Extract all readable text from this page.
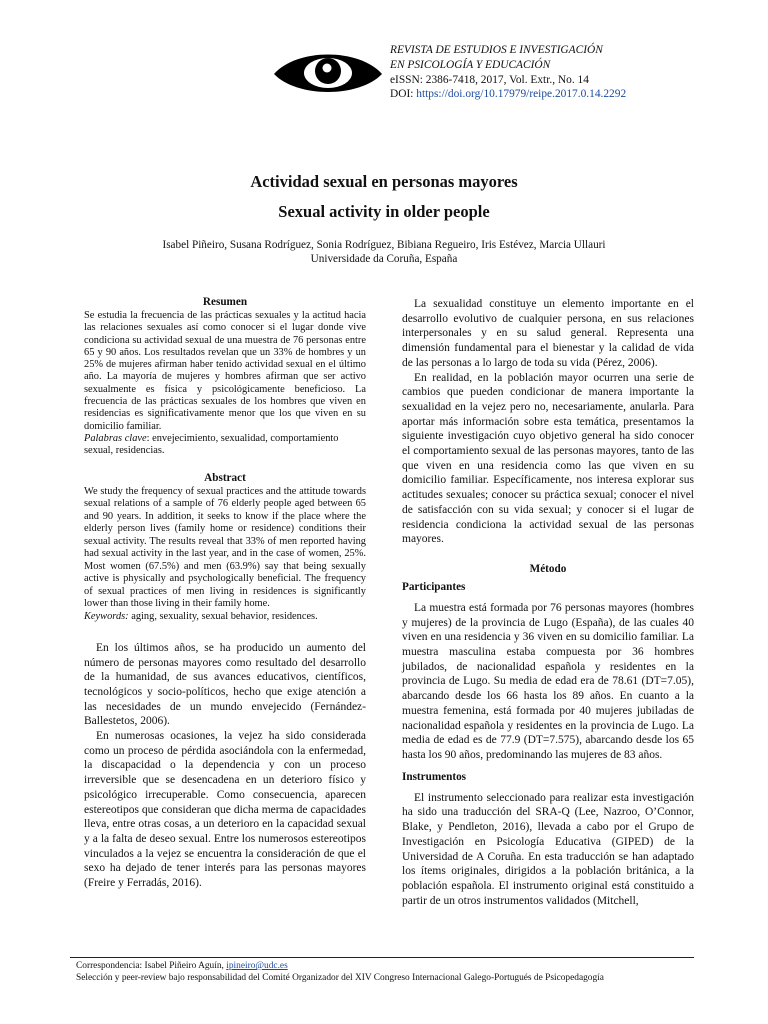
REVISTA DE ESTUDIOS E INVESTIGACIÓN
EN PSICOLOGÍA Y EDUCACIÓN
eISSN: 2386-7418, 2017, Vol. Extr., No. 14
DOI: https://doi.org/10.17979/reipe.2017.0.14.2292
Actividad sexual en personas mayores
Sexual activity in older people
Isabel Piñeiro, Susana Rodríguez, Sonia Rodríguez, Bibiana Regueiro, Iris Estévez, Marcia Ullauri
Universidade da Coruña, España
Resumen

Se estudia la frecuencia de las prácticas sexuales y la actitud hacia las relaciones sexuales así como conocer si el lugar donde vive condiciona su actividad sexual de una muestra de 76 personas entre 65 y 90 años. Los resultados revelan que un 33% de hombres y un 25% de mujeres afirman haber tenido actividad sexual en el último año. La mayoría de mujeres y hombres afirman que ser activo sexualmente es física y psicológicamente beneficioso. La frecuencia de las prácticas sexuales de los hombres que viven en residencias es significativamente menor que los que viven en su domicilio familiar.

Palabras clave: envejecimiento, sexualidad, comportamiento sexual, residencias.

Abstract

We study the frequency of sexual practices and the attitude towards sexual relations of a sample of 76 elderly people aged between 65 and 90 years. In addition, it seeks to know if the place where the elderly person lives (family home or residence) conditions their sexual activity. The results reveal that 33% of men reported having had sexual activity in the last year, and in the case of women, 25%. Most women (67.5%) and men (63.9%) say that being sexually active is physically and psychologically beneficial. The frequency of sexual practices of men living in residences is significantly lower than those living in their family home.

Keywords: aging, sexuality, sexual behavior, residences.

En los últimos años, se ha producido un aumento del número de personas mayores como resultado del desarrollo de la humanidad, de sus avances educativos, científicos, tecnológicos y socio-políticos, hecho que exige atención a las necesidades de un mundo envejecido (Fernández-Ballestetos, 2006).

En numerosas ocasiones, la vejez ha sido considerada como un proceso de pérdida asociándola con la enfermedad, la discapacidad o la dependencia y con un proceso irreversible que se desencadena en un deterioro físico y psicológico irrecuperable. Como consecuencia, aparecen estereotipos que consideran que dicha merma de capacidades lleva, entre otras cosas, a un deterioro en la capacidad sexual y a la falta de deseo sexual. Entre los numerosos estereotipos vinculados a la vejez se encuentra la consideración de que el sexo ha dejado de tener interés para las personas mayores (Freire y Ferradás, 2016).

La sexualidad constituye un elemento importante en el desarrollo evolutivo de cualquier persona, en sus relaciones interpersonales y en su salud general. Representa una dimensión fundamental para el bienestar y la calidad de vida de las personas a lo largo de toda su vida (Pérez, 2006).

En realidad, en la población mayor ocurren una serie de cambios que pueden condicionar de manera importante la sexualidad en la vejez pero no, necesariamente, anularla. Para aportar más información sobre esta temática, presentamos la siguiente investigación cuyo objetivo general ha sido conocer el comportamiento sexual de las personas mayores, tanto de las que viven en una residencia como las que viven en su domicilio familiar. Específicamente, nos interesa explorar sus actitudes sexuales; conocer su práctica sexual; conocer el nivel de satisfacción con su vida sexual; y conocer si el lugar de residencia condiciona la actividad sexual de las personas mayores.

Método
Participantes

La muestra está formada por 76 personas mayores (hombres y mujeres) de la provincia de Lugo (España), de las cuales 40 viven en una residencia y 36 viven en su domicilio familiar. La muestra masculina estaba compuesta por 36 hombres jubilados, de nacionalidad española y residentes en la provincia de Lugo. Su media de edad era de 78.61 (DT=7.05), abarcando desde los 66 hasta los 89 años. En cuanto a la muestra femenina, está formada por 40 mujeres jubiladas de nacionalidad española y residentes en la provincia de Lugo. La media de edad es de 77.9 (DT=7.575), abarcando desde los 65 hasta los 90 años, predominando las mujeres de 83 años.

Instrumentos

El instrumento seleccionado para realizar esta investigación ha sido una traducción del SRA-Q (Lee, Nazroo, O’Connor, Blake, y Pendleton, 2016), llevada a cabo por el Grupo de Investigación en Psicología Educativa (GIPED) de la Universidad de A Coruña. En esta traducción se han adaptado los ítems originales, dirigidos a la población británica, a la población española. El instrumento original está constituido a partir de un otros instrumentos validados (Mitchell,

Correspondencia: Isabel Piñeiro Aguín, ipineiro@udc.es
Selección y peer-review bajo responsabilidad del Comité Organizador del XIV Congreso Internacional Galego-Portugués de Psicopedagogía
